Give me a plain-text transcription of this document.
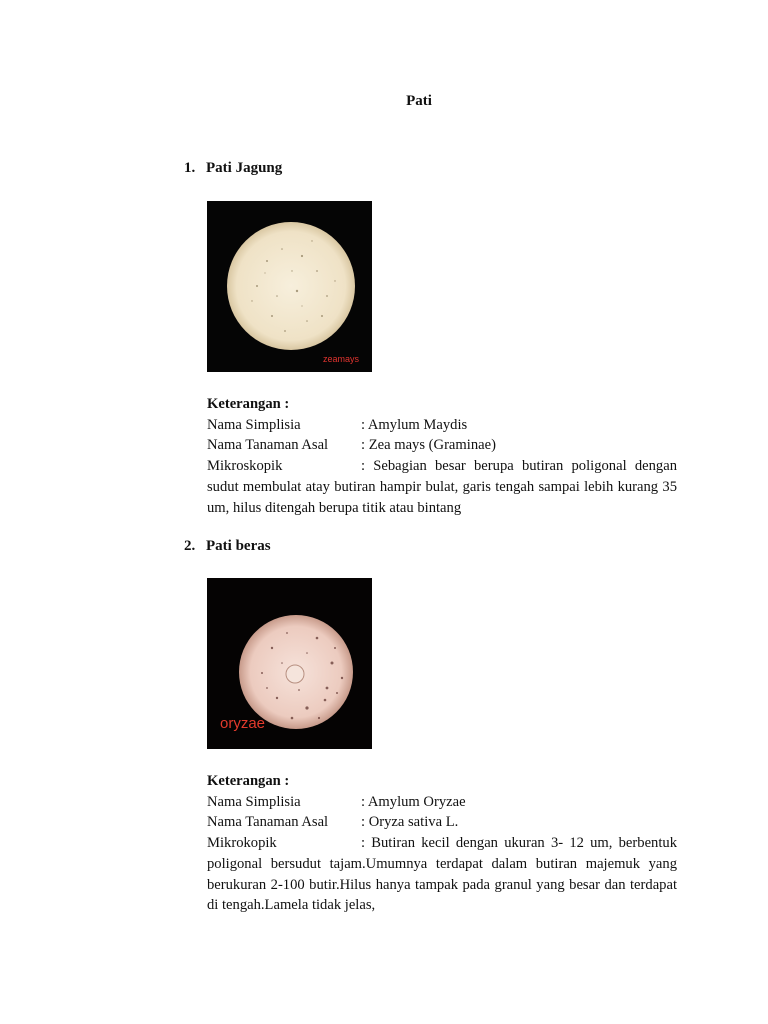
Pati
1. Pati Jagung
zeamays
Keterangan :
Nama Simplisia	: Amylum Maydis
Nama Tanaman Asal	: Zea mays (Graminae)
Mikroskopik	: Sebagian besar berupa butiran poligonal dengan sudut membulat atay butiran hampir bulat, garis tengah sampai lebih kurang 35 um, hilus ditengah berupa titik atau bintang
2. Pati beras
oryzae
Keterangan :
Nama Simplisia	: Amylum Oryzae
Nama Tanaman Asal	: Oryza sativa L.
Mikrokopik	: Butiran kecil dengan ukuran 3- 12 um, berbentuk poligonal bersudut tajam.Umumnya terdapat dalam butiran majemuk yang berukuran 2-100 butir.Hilus hanya tampak pada granul yang besar dan terdapat di tengah.Lamela tidak jelas,
